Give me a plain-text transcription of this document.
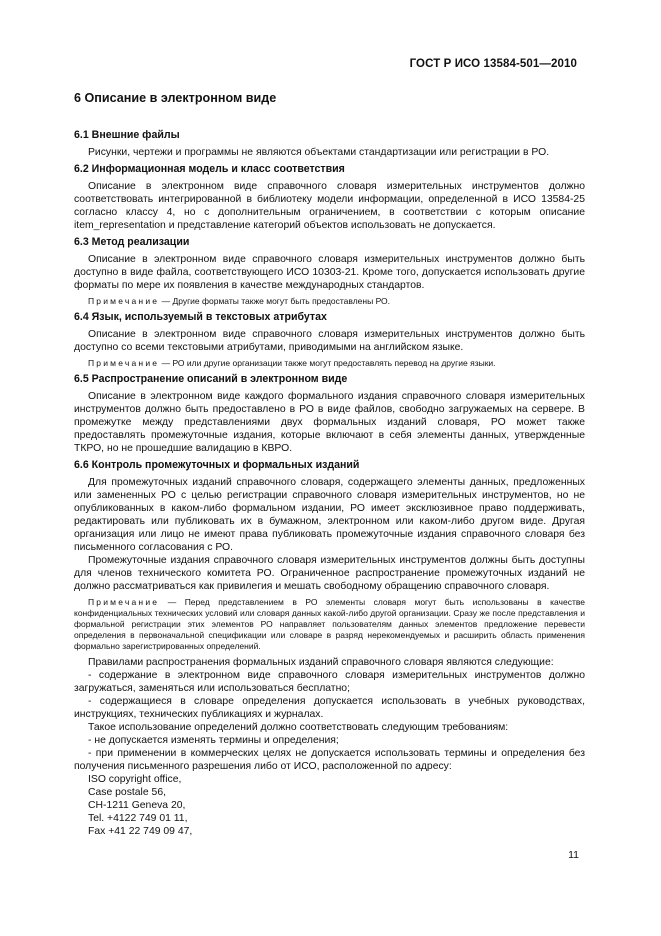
ГОСТ Р ИСО 13584-501—2010
6 Описание в электронном виде
6.1 Внешние файлы

Рисунки, чертежи и программы не являются объектами стандартизации или регистрации в РО.

6.2 Информационная модель и класс соответствия

Описание в электронном виде справочного словаря измерительных инструментов должно соответствовать интегрированной в библиотеку модели информации, определенной в ИСО 13584-25 согласно классу 4, но с дополнительным ограничением, в соответствии с которым описание item_representation и представление категорий объектов использовать не допускается.

6.3 Метод реализации

Описание в электронном виде справочного словаря измерительных инструментов должно быть доступно в виде файла, соответствующего ИСО 10303-21. Кроме того, допускается использовать другие форматы по мере их появления в качестве международных стандартов.

Примечание — Другие форматы также могут быть предоставлены РО.
6.4 Язык, используемый в текстовых атрибутах

Описание в электронном виде справочного словаря измерительных инструментов должно быть доступно со всеми текстовыми атрибутами, приводимыми на английском языке.

Примечание — РО или другие организации также могут предоставлять перевод на другие языки.
6.5 Распространение описаний в электронном виде

Описание в электронном виде каждого формального издания справочного словаря измерительных инструментов должно быть предоставлено в РО в виде файлов, свободно загружаемых на сервере. В промежутке между представлениями двух формальных изданий словаря, РО может также предоставлять промежуточные издания, которые включают в себя элементы данных, утвержденные ТКРО, но не прошедшие валидацию в КВРО.

6.6 Контроль промежуточных и формальных изданий

Для промежуточных изданий справочного словаря, содержащего элементы данных, предложенных или замененных РО с целью регистрации справочного словаря измерительных инструментов, но не опубликованных в каком-либо формальном издании, РО имеет эксклюзивное право поддерживать, редактировать или публиковать их в бумажном, электронном или каком-либо другом виде. Другая организация или лицо не имеют права публиковать промежуточные издания справочного словаря без письменного согласования с РО.

Промежуточные издания справочного словаря измерительных инструментов должны быть доступны для членов технического комитета РО. Ограниченное распространение промежуточных изданий не должно рассматриваться как привилегия и мешать свободному обращению справочного словаря.

Примечание — Перед представлением в РО элементы словаря могут быть использованы в качестве конфиденциальных технических условий или словаря данных какой-либо другой организации. Сразу же после представления и формальной регистрации этих элементов РО направляет пользователям данных элементов предложение перевести определения в первоначальной спецификации или словаре в разряд нерекомендуемых и расширить область применения формально зарегистрированных определений.

Правилами распространения формальных изданий справочного словаря являются следующие:

- содержание в электронном виде справочного словаря измерительных инструментов должно загружаться, заменяться или использоваться бесплатно;

- содержащиеся в словаре определения допускается использовать в учебных руководствах, инструкциях, технических публикациях и журналах.

Такое использование определений должно соответствовать следующим требованиям:

- не допускается изменять термины и определения;

- при применении в коммерческих целях не допускается использовать термины и определения без получения письменного разрешения либо от ИСО, расположенной по адресу:

ISO copyright office,
Case postale 56,
CH-1211 Geneva 20,
Tel. +4122 749 01 11,
Fax +41 22 749 09 47,
11
